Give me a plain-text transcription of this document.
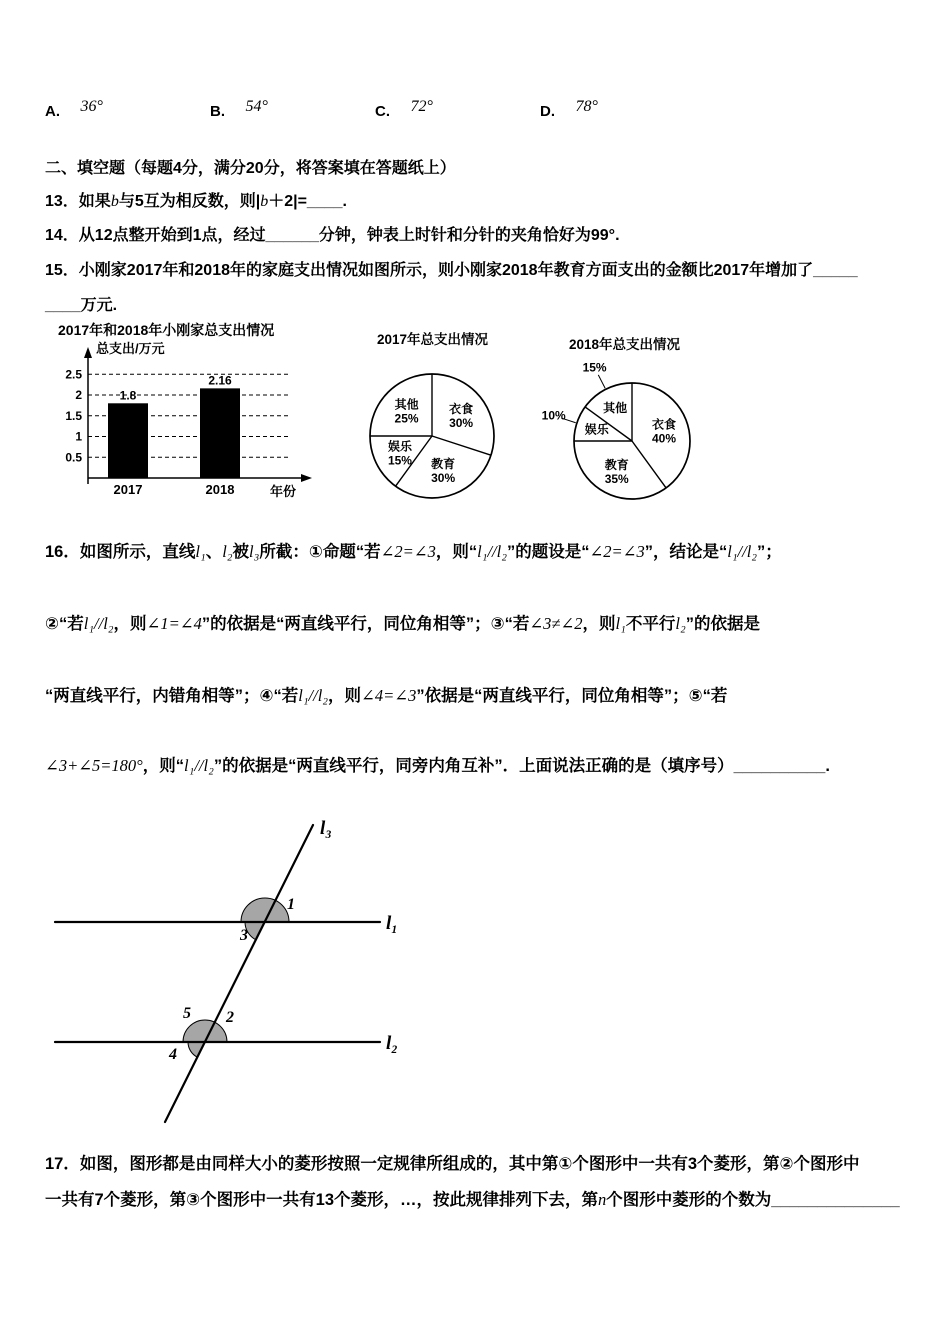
A. 36°	B. 54°	C. 72°	D. 78°
二、填空题（每题4分，满分20分，将答案填在答题纸上）
13．如果b与5互为相反数，则|b＋2|=____.
14．从12点整开始到1点，经过______分钟，钟表上时针和分针的夹角恰好为99°.
15．小刚家2017年和2018年的家庭支出情况如图所示，则小刚家2018年教育方面支出的金额比2017年增加了_____
____万元.
2017年和2018年小刚家总支出情况
0.5
1
1.5
2
2.5
1.8
2017
2.16
2018
总支出/万元
年份
2017年总支出情况
衣食 30%
教育 30%
娱乐 15%
其他 25%
2018年总支出情况
衣食 40%
教育 35%
娱乐
10%
其他
15%
16．如图所示，直线l₁、l₂被l₃所截：①命题“若∠2=∠3，则“l₁//l₂”的题设是“∠2=∠3”，结论是“l₁//l₂”；
②“若l₁//l₂，则∠1=∠4”的依据是“两直线平行，同位角相等”；③“若∠3≠∠2，则l₁不平行l₂”的依据是
“两直线平行，内错角相等”；④“若l₁//l₂，则∠4=∠3”依据是“两直线平行，同位角相等”；⑤“若
∠3+∠5=180°，则“l₁//l₂”的依据是“两直线平行，同旁内角互补”．上面说法正确的是（填序号）__________.
l₁
l₂
l₃
1
3
5 2
4
17．如图，图形都是由同样大小的菱形按照一定规律所组成的，其中第①个图形中一共有3个菱形，第②个图形中
一共有7个菱形，第③个图形中一共有13个菱形，…，按此规律排列下去，第n个图形中菱形的个数为______________
